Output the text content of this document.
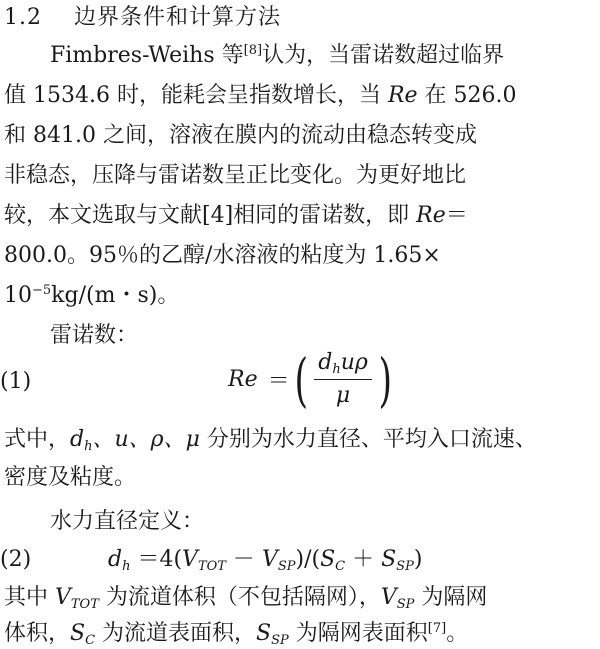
1.2 边界条件和计算方法
Fimbres-Weihs 等[8]认为，当雷诺数超过临界
值 1534.6 时，能耗会呈指数增长，当 Re 在 526.0
和 841.0 之间，溶液在膜内的流动由稳态转变成
非稳态，压降与雷诺数呈正比变化。为更好地比
较，本文选取与文献[4]相同的雷诺数，即 Re＝
800.0。95％的乙醇/水溶液的粘度为 1.65×
$10^{-5}kg/(m$・s)。
雷诺数：
Re ＝ ( $\frac{d_hu\rho}{\mu}$ )
(1)
式中，$d_h$、u、ρ、μ 分别为水力直径、平均入口流速、
密度及粘度。
水力直径定义：
$d_h =4(V_{TOT} - V_{SP})/(S_C + S_{SP})$
(2)
其中 $V_{TOT}$ 为流道体积（不包括隔网），$V_{SP}$ 为隔网
体积，$S_C$ 为流道表面积，$S_{SP}$ 为隔网表面积[7]。
